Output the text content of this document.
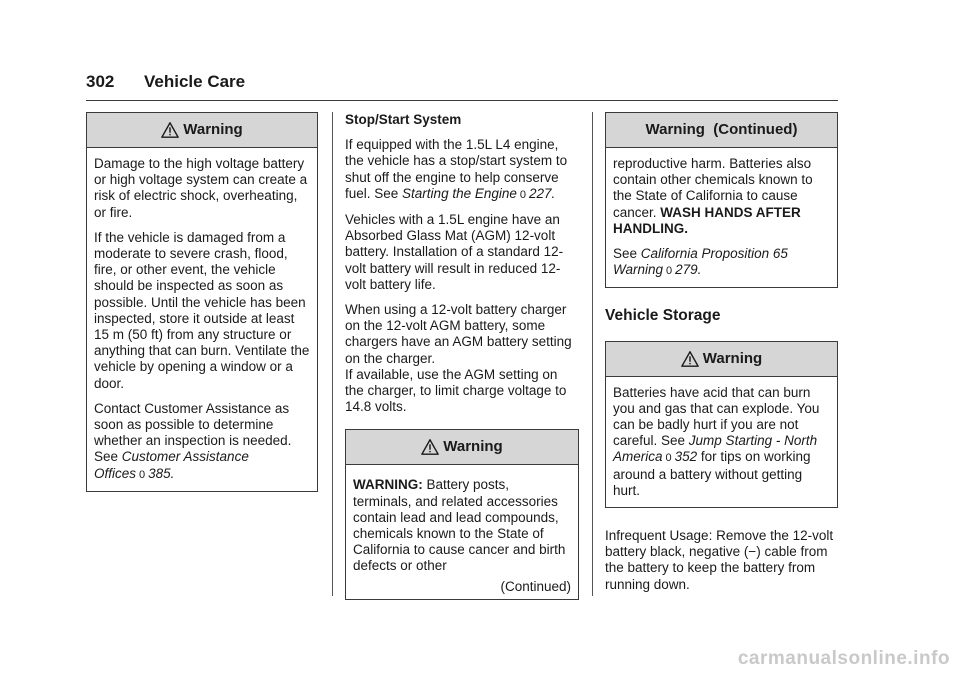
302 Vehicle Care
Warning

Damage to the high voltage battery or high voltage system can create a risk of electric shock, overheating, or fire.

If the vehicle is damaged from a moderate to severe crash, flood, fire, or other event, the vehicle should be inspected as soon as possible. Until the vehicle has been inspected, store it outside at least 15 m (50 ft) from any structure or anything that can burn. Ventilate the vehicle by opening a window or a door.

Contact Customer Assistance as soon as possible to determine whether an inspection is needed. See Customer Assistance Offices 0 385.

Stop/Start System

If equipped with the 1.5L L4 engine, the vehicle has a stop/start system to shut off the engine to help conserve fuel. See Starting the Engine 0 227.

Vehicles with a 1.5L engine have an Absorbed Glass Mat (AGM) 12-volt battery. Installation of a standard 12-volt battery will result in reduced 12-volt battery life.

When using a 12-volt battery charger on the 12-volt AGM battery, some chargers have an AGM battery setting on the charger.
If available, use the AGM setting on the charger, to limit charge voltage to 14.8 volts.

Warning

WARNING: Battery posts, terminals, and related accessories contain lead and lead compounds, chemicals known to the State of California to cause cancer and birth defects or other

(Continued)

Warning  (Continued)

reproductive harm. Batteries also contain other chemicals known to the State of California to cause cancer. WASH HANDS AFTER HANDLING.

See California Proposition 65 Warning 0 279.

Vehicle Storage

Warning

Batteries have acid that can burn you and gas that can explode. You can be badly hurt if you are not careful. See Jump Starting - North America 0 352 for tips on working around a battery without getting hurt.

Infrequent Usage: Remove the 12-volt battery black, negative (−) cable from the battery to keep the battery from running down.

carmanualsonline.info
